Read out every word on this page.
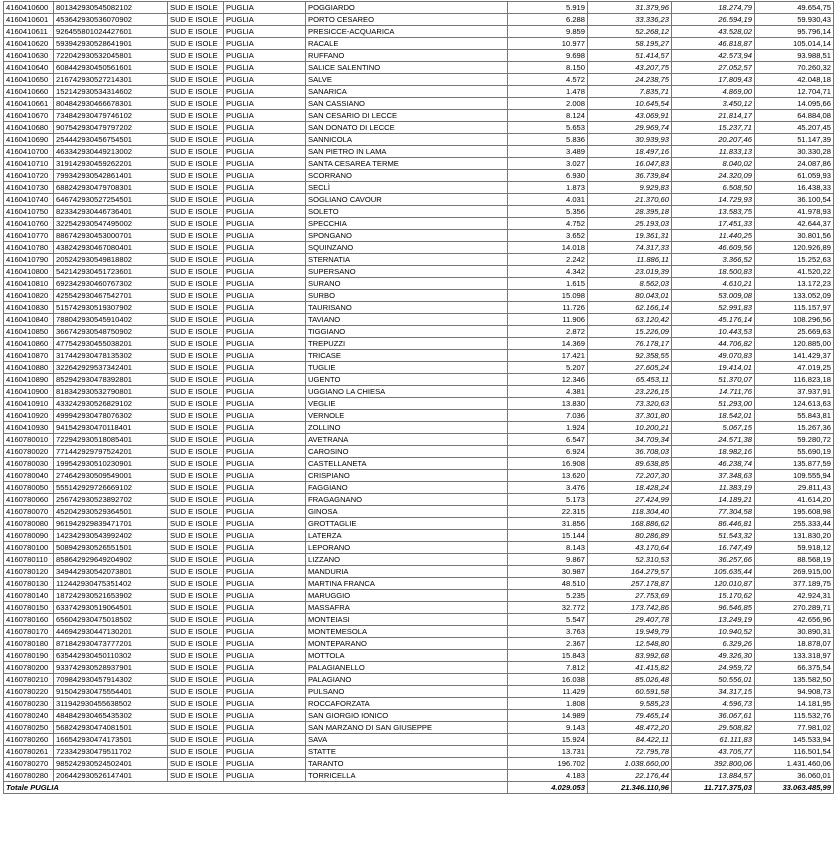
4160410600	801342930545082102	SUD E ISOLE	PUGLIA	POGGIARDO	5.919	31.379,96	18.274,79	49.654,75
4160410601	453642930536070902	SUD E ISOLE	PUGLIA	PORTO CESAREO	6.288	33.336,23	26.594,19	59.930,43
4160410611	926455801024427601	SUD E ISOLE	PUGLIA	PRESICCE-ACQUARICA	9.859	52.268,12	43.528,02	95.796,14
4160410620	593942930528641901	SUD E ISOLE	PUGLIA	RACALE	10.977	58.195,27	46.818,87	105.014,14
4160410630	722042930532045801	SUD E ISOLE	PUGLIA	RUFFANO	9.698	51.414,57	42.573,94	93.988,51
4160410640	608442930450561601	SUD E ISOLE	PUGLIA	SALICE SALENTINO	8.150	43.207,75	27.052,57	70.260,32
4160410650	216742930527214301	SUD E ISOLE	PUGLIA	SALVE	4.572	24.238,75	17.809,43	42.048,18
4160410660	152142930534314602	SUD E ISOLE	PUGLIA	SANARICA	1.478	7.835,71	4.869,00	12.704,71
4160410661	804842930466678301	SUD E ISOLE	PUGLIA	SAN CASSIANO	2.008	10.645,54	3.450,12	14.095,66
4160410670	734842930479746102	SUD E ISOLE	PUGLIA	SAN CESARIO DI LECCE	8.124	43.069,91	21.814,17	64.884,08
4160410680	907542930479797202	SUD E ISOLE	PUGLIA	SAN DONATO DI LECCE	5.653	29.969,74	15.237,71	45.207,45
4160410690	254442930456754501	SUD E ISOLE	PUGLIA	SANNICOLA	5.836	30.939,93	20.207,46	51.147,39
4160410700	463342930449213002	SUD E ISOLE	PUGLIA	SAN PIETRO IN LAMA	3.489	18.497,16	11.833,13	30.330,28
4160410710	319142930459262201	SUD E ISOLE	PUGLIA	SANTA CESAREA TERME	3.027	16.047,83	8.040,02	24.087,86
4160410720	799342930542861401	SUD E ISOLE	PUGLIA	SCORRANO	6.930	36.739,84	24.320,09	61.059,93
4160410730	688242930479708301	SUD E ISOLE	PUGLIA	SECLÌ	1.873	9.929,83	6.508,50	16.438,33
4160410740	646742930527254501	SUD E ISOLE	PUGLIA	SOGLIANO CAVOUR	4.031	21.370,60	14.729,93	36.100,54
4160410750	823342930446736401	SUD E ISOLE	PUGLIA	SOLETO	5.356	28.395,18	13.583,75	41.978,93
4160410760	322542930547495002	SUD E ISOLE	PUGLIA	SPECCHIA	4.752	25.193,03	17.451,33	42.644,37
4160410770	886742930453000701	SUD E ISOLE	PUGLIA	SPONGANO	3.652	19.361,31	11.440,25	30.801,56
4160410780	438242930467080401	SUD E ISOLE	PUGLIA	SQUINZANO	14.018	74.317,33	46.609,56	120.926,89
4160410790	205242930549818802	SUD E ISOLE	PUGLIA	STERNATIA	2.242	11.886,11	3.366,52	15.252,63
4160410800	542142930451723601	SUD E ISOLE	PUGLIA	SUPERSANO	4.342	23.019,39	18.500,83	41.520,22
4160410810	692342930460767302	SUD E ISOLE	PUGLIA	SURANO	1.615	8.562,03	4.610,21	13.172,23
4160410820	425542930467542701	SUD E ISOLE	PUGLIA	SURBO	15.098	80.043,01	53.009,08	133.052,09
4160410830	515742930519307902	SUD E ISOLE	PUGLIA	TAURISANO	11.726	62.166,14	52.991,83	115.157,97
4160410840	788042930545910402	SUD E ISOLE	PUGLIA	TAVIANO	11.906	63.120,42	45.176,14	108.296,56
4160410850	366742930548750902	SUD E ISOLE	PUGLIA	TIGGIANO	2.872	15.226,09	10.443,53	25.669,63
4160410860	477542930455038201	SUD E ISOLE	PUGLIA	TREPUZZI	14.369	76.178,17	44.706,82	120.885,00
4160410870	317442930478135302	SUD E ISOLE	PUGLIA	TRICASE	17.421	92.358,55	49.070,83	141.429,37
4160410880	322642929537342401	SUD E ISOLE	PUGLIA	TUGLIE	5.207	27.605,24	19.414,01	47.019,25
4160410890	852942930478392801	SUD E ISOLE	PUGLIA	UGENTO	12.346	65.453,11	51.370,07	116.823,18
4160410900	818342930532790801	SUD E ISOLE	PUGLIA	UGGIANO LA CHIESA	4.381	23.226,15	14.711,76	37.937,91
4160410910	433242930526829102	SUD E ISOLE	PUGLIA	VEGLIE	13.830	73.320,63	51.293,00	124.613,63
4160410920	499942930478076302	SUD E ISOLE	PUGLIA	VERNOLE	7.036	37.301,80	18.542,01	55.843,81
4160410930	941542930470118401	SUD E ISOLE	PUGLIA	ZOLLINO	1.924	10.200,21	5.067,15	15.267,36
4160780010	722942930518085401	SUD E ISOLE	PUGLIA	AVETRANA	6.547	34.709,34	24.571,38	59.280,72
4160780020	771442929797524201	SUD E ISOLE	PUGLIA	CAROSINO	6.924	36.708,03	18.982,16	55.690,19
4160780030	199542930510230901	SUD E ISOLE	PUGLIA	CASTELLANETA	16.908	89.638,85	46.238,74	135.877,59
4160780040	274642930509549001	SUD E ISOLE	PUGLIA	CRISPIANO	13.620	72.207,30	37.348,63	109.555,94
4160780050	555142929726669102	SUD E ISOLE	PUGLIA	FAGGIANO	3.476	18.428,24	11.383,19	29.811,43
4160780060	256742930523892702	SUD E ISOLE	PUGLIA	FRAGAGNANO	5.173	27.424,99	14.189,21	41.614,20
4160780070	452042930529364501	SUD E ISOLE	PUGLIA	GINOSA	22.315	118.304,40	77.304,58	195.608,98
4160780080	961942929839471701	SUD E ISOLE	PUGLIA	GROTTAGLIE	31.856	168.886,62	86.446,81	255.333,44
4160780090	142342930543992402	SUD E ISOLE	PUGLIA	LATERZA	15.144	80.286,89	51.543,32	131.830,20
4160780100	508942930526551501	SUD E ISOLE	PUGLIA	LEPORANO	8.143	43.170,64	16.747,49	59.918,12
4160780110	858642929649204902	SUD E ISOLE	PUGLIA	LIZZANO	9.867	52.310,53	36.257,66	88.568,19
4160780120	349442930542073801	SUD E ISOLE	PUGLIA	MANDURIA	30.987	164.279,57	105.635,44	269.915,00
4160780130	112442930475351402	SUD E ISOLE	PUGLIA	MARTINA FRANCA	48.510	257.178,87	120.010,87	377.189,75
4160780140	187242930521653902	SUD E ISOLE	PUGLIA	MARUGGIO	5.235	27.753,69	15.170,62	42.924,31
4160780150	633742930519064501	SUD E ISOLE	PUGLIA	MASSAFRA	32.772	173.742,86	96.546,85	270.289,71
4160780160	656042930475018502	SUD E ISOLE	PUGLIA	MONTEIASI	5.547	29.407,78	13.249,19	42.656,96
4160780170	446942930447130201	SUD E ISOLE	PUGLIA	MONTEMESOLA	3.763	19.949,79	10.940,52	30.890,31
4160780180	871842930473777201	SUD E ISOLE	PUGLIA	MONTEPARANO	2.367	12.548,80	6.329,26	18.878,07
4160780190	635442930450110302	SUD E ISOLE	PUGLIA	MOTTOLA	15.843	83.992,68	49.326,30	133.318,97
4160780200	933742930528937901	SUD E ISOLE	PUGLIA	PALAGIANELLO	7.812	41.415,82	24.959,72	66.375,54
4160780210	709842930457914302	SUD E ISOLE	PUGLIA	PALAGIANO	16.038	85.026,48	50.556,01	135.582,50
4160780220	915042930475554401	SUD E ISOLE	PUGLIA	PULSANO	11.429	60.591,58	34.317,15	94.908,73
4160780230	311942930455638502	SUD E ISOLE	PUGLIA	ROCCAFORZATA	1.808	9.585,23	4.596,73	14.181,95
4160780240	484842930465435302	SUD E ISOLE	PUGLIA	SAN GIORGIO IONICO	14.989	79.465,14	36.067,61	115.532,76
4160780250	568242930474081501	SUD E ISOLE	PUGLIA	SAN MARZANO DI SAN GIUSEPPE	9.143	48.472,20	29.508,82	77.981,02
4160780260	166542930474173501	SUD E ISOLE	PUGLIA	SAVA	15.924	84.422,11	61.111,83	145.533,94
4160780261	723342930479511702	SUD E ISOLE	PUGLIA	STATTE	13.731	72.795,78	43.705,77	116.501,54
4160780270	985242930524502401	SUD E ISOLE	PUGLIA	TARANTO	196.702	1.038.660,00	392.800,06	1.431.460,06
4160780280	206442930526147401	SUD E ISOLE	PUGLIA	TORRICELLA	4.183	22.176,44	13.884,57	36.060,01
Totale PUGLIA					4.029.053	21.346.110,96	11.717.375,03	33.063.485,99
